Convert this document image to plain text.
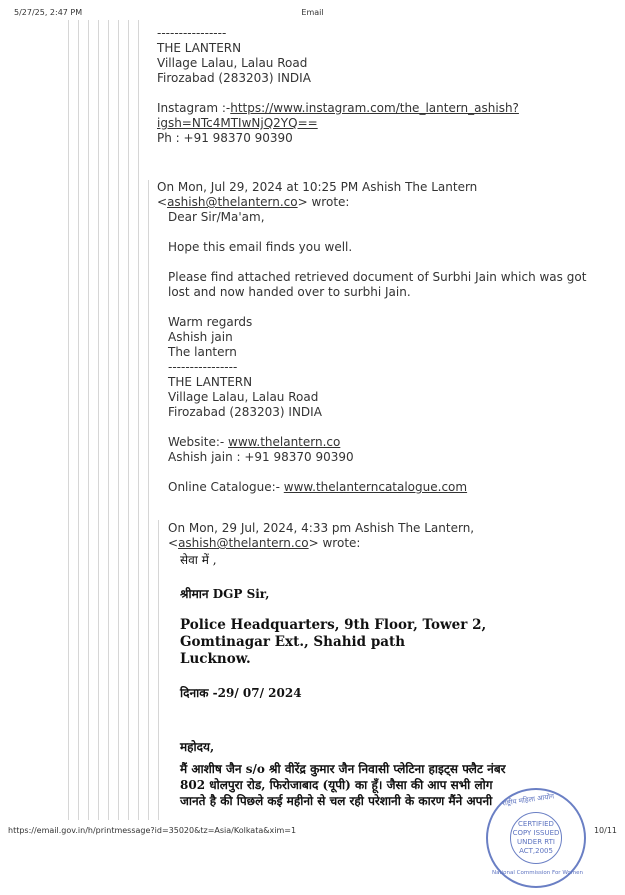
5/27/25, 2:47 PM	Email
----------------
THE LANTERN
Village Lalau, Lalau Road
Firozabad (283203) INDIA
Instagram :-https://www.instagram.com/the_lantern_ashish?
igsh=NTc4MTIwNjQ2YQ==
Ph : +91 98370 90390
On Mon, Jul 29, 2024 at 10:25 PM Ashish The Lantern
<ashish@thelantern.co> wrote:
Dear Sir/Ma'am,
Hope this email finds you well.
Please find attached retrieved document of Surbhi Jain which was got
lost and now handed over to surbhi Jain.
Warm regards
Ashish jain
The lantern
----------------
THE LANTERN
Village Lalau, Lalau Road
Firozabad (283203) INDIA
Website:- www.thelantern.co
Ashish jain : +91 98370 90390
Online Catalogue:- www.thelanterncatalogue.com
On Mon, 29 Jul, 2024, 4:33 pm Ashish The Lantern,
<ashish@thelantern.co> wrote:
सेवा में ,
श्रीमान DGP Sir,
Police Headquarters, 9th Floor, Tower 2,
Gomtinagar Ext., Shahid path
Lucknow.
दिनाक -29/ 07/ 2024
महोदय,
मैं आशीष जैन s/o श्री वीरेंद्र कुमार जैन निवासी प्लेटिना हाइट्स फ्लैट नंबर
802 धोलपुरा रोड, फिरोजाबाद (यूपी) का हूँ। जैसा की आप सभी लोग
जानते है की पिछले कई महीनो से चल रही परेशानी के कारण मैंने अपनी	राष्ट्रीय महिला आयोग
CERTIFIED
COPY ISSUED
UNDER RTI
ACT,2005
National Commission For Women
https://email.gov.in/h/printmessage?id=35020&tz=Asia/Kolkata&xim=1	10/11
